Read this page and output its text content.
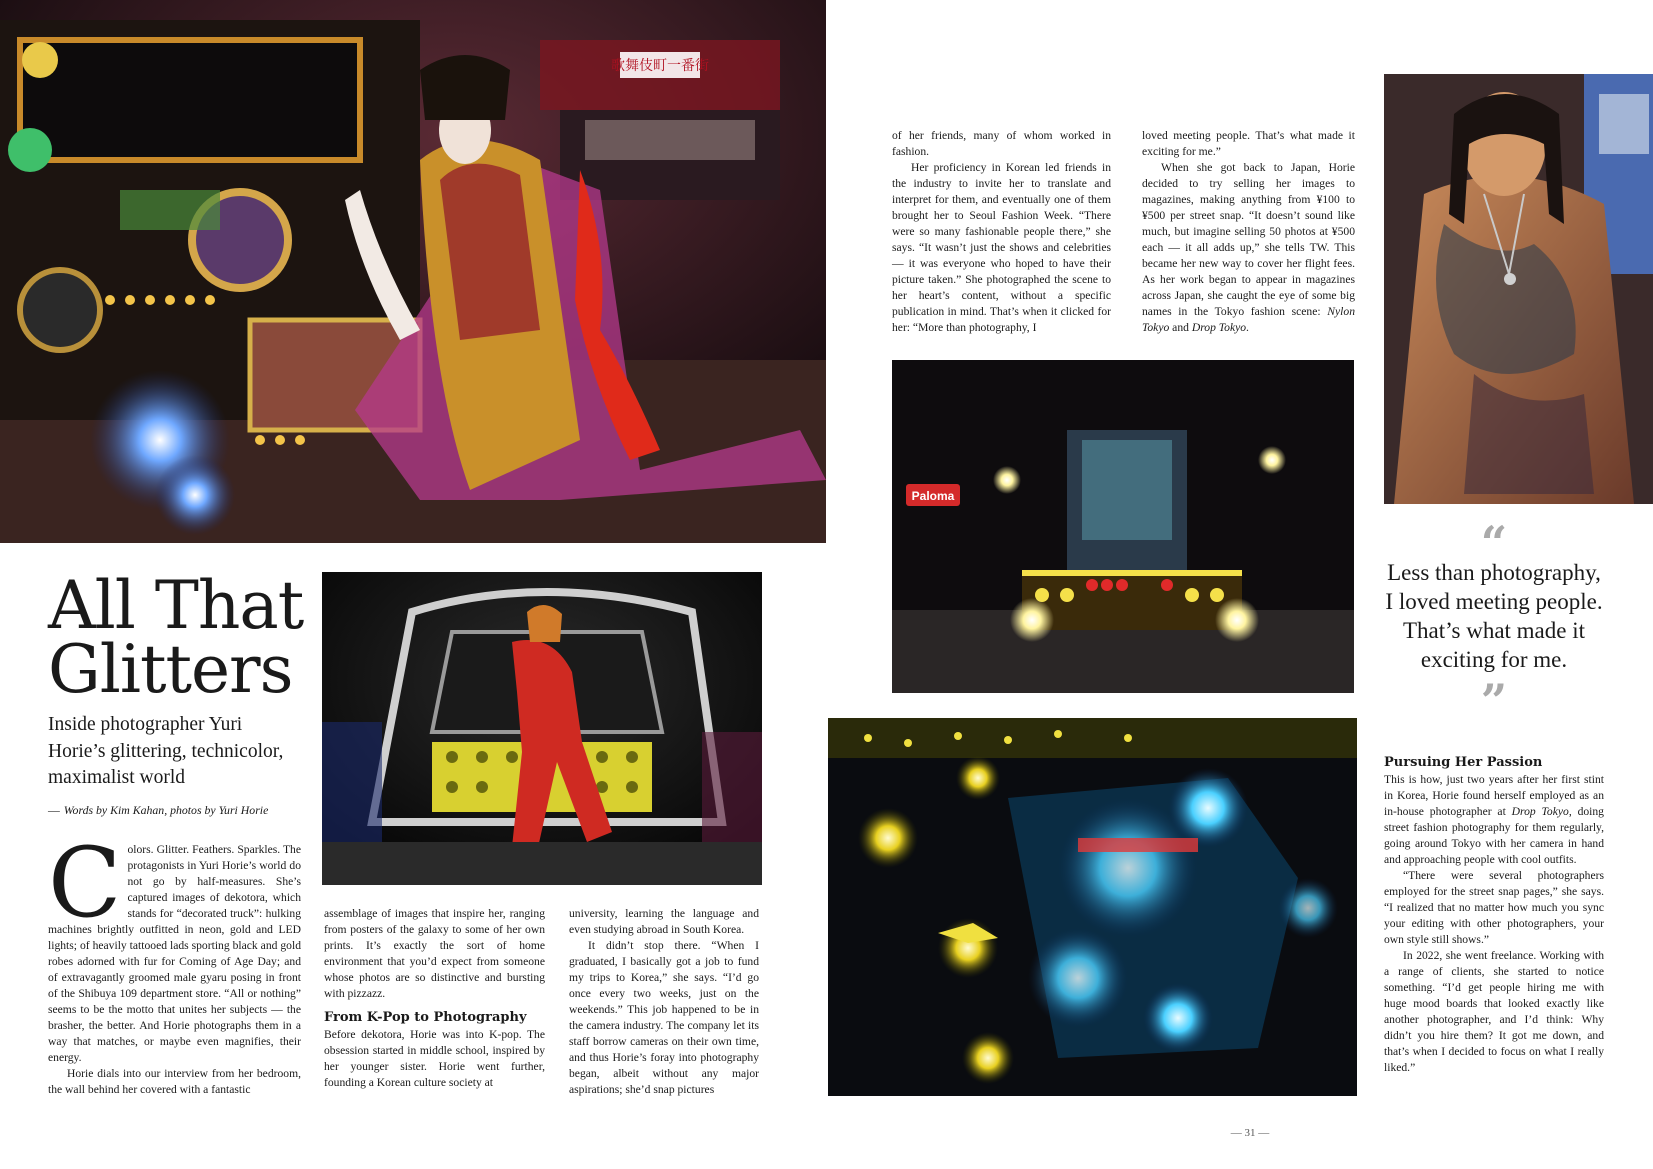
歌舞伎町一番街
Paloma
All That
Glitters
Inside photographer Yuri Horie’s glittering, technicolor, maximalist world
— Words by Kim Kahan, photos by Yuri Horie

Colors. Glitter. Feathers. Sparkles. The protagonists in Yuri Horie’s world do not go by half-measures. She’s captured images of dekotora, which stands for “decorated truck”: hulking machines brightly outfitted in neon, gold and LED lights; of heavily tattooed lads sporting black and gold robes adorned with fur for Coming of Age Day; and of extravagantly groomed male gyaru posing in front of the Shibuya 109 department store. “All or nothing” seems to be the motto that unites her subjects — the brasher, the better. And Horie photographs them in a way that matches, or maybe even magnifies, their energy.

Horie dials into our interview from her bedroom, the wall behind her covered with a fantastic

assemblage of images that inspire her, ranging from posters of the galaxy to some of her own prints. It’s exactly the sort of home environment that you’d expect from someone whose photos are so distinctive and bursting with pizzazz.

From K-Pop to Photography

Before dekotora, Horie was into K-pop. The obsession started in middle school, inspired by her younger sister. Horie went further, founding a Korean culture society at

university, learning the language and even studying abroad in South Korea.

It didn’t stop there. “When I graduated, I basically got a job to fund my trips to Korea,” she says. “I’d go once every two weeks, just on the weekends.” This job happened to be in the camera industry. The company let its staff borrow cameras on their own time, and thus Horie’s foray into photography began, albeit without any major aspirations; she’d snap pictures

of her friends, many of whom worked in fashion.

Her proficiency in Korean led friends in the industry to invite her to translate and interpret for them, and eventually one of them brought her to Seoul Fashion Week. “There were so many fashionable people there,” she says. “It wasn’t just the shows and celebrities — it was everyone who hoped to have their picture taken.” She photographed the scene to her heart’s content, without a specific publication in mind. That’s when it clicked for her: “More than photography, I

loved meeting people. That’s what made it exciting for me.”

When she got back to Japan, Horie decided to try selling her images to magazines, making anything from ¥100 to ¥500 per street snap. “It doesn’t sound like much, but imagine selling 50 photos at ¥500 each — it all adds up,” she tells TW. This became her new way to cover her flight fees. As her work began to appear in magazines across Japan, she caught the eye of some big names in the Tokyo fashion scene: Nylon Tokyo and Drop Tokyo.

“
Less than photography, I loved meeting people. That’s what made it exciting for me.
”
Pursuing Her Passion

This is how, just two years after her first stint in Korea, Horie found herself employed as an in-house photographer at Drop Tokyo, doing street fashion photography for them regularly, going around Tokyo with her camera in hand and approaching people with cool outfits.

“There were several photographers employed for the street snap pages,” she says. “I realized that no matter how much you sync your editing with other photographers, your own style still shows.”

In 2022, she went freelance. Working with a range of clients, she started to notice something. “I’d get people hiring me with huge mood boards that looked exactly like another photographer, and I’d think: Why didn’t you hire them? It got me down, and that’s when I decided to focus on what I really liked.”

— 31 —
